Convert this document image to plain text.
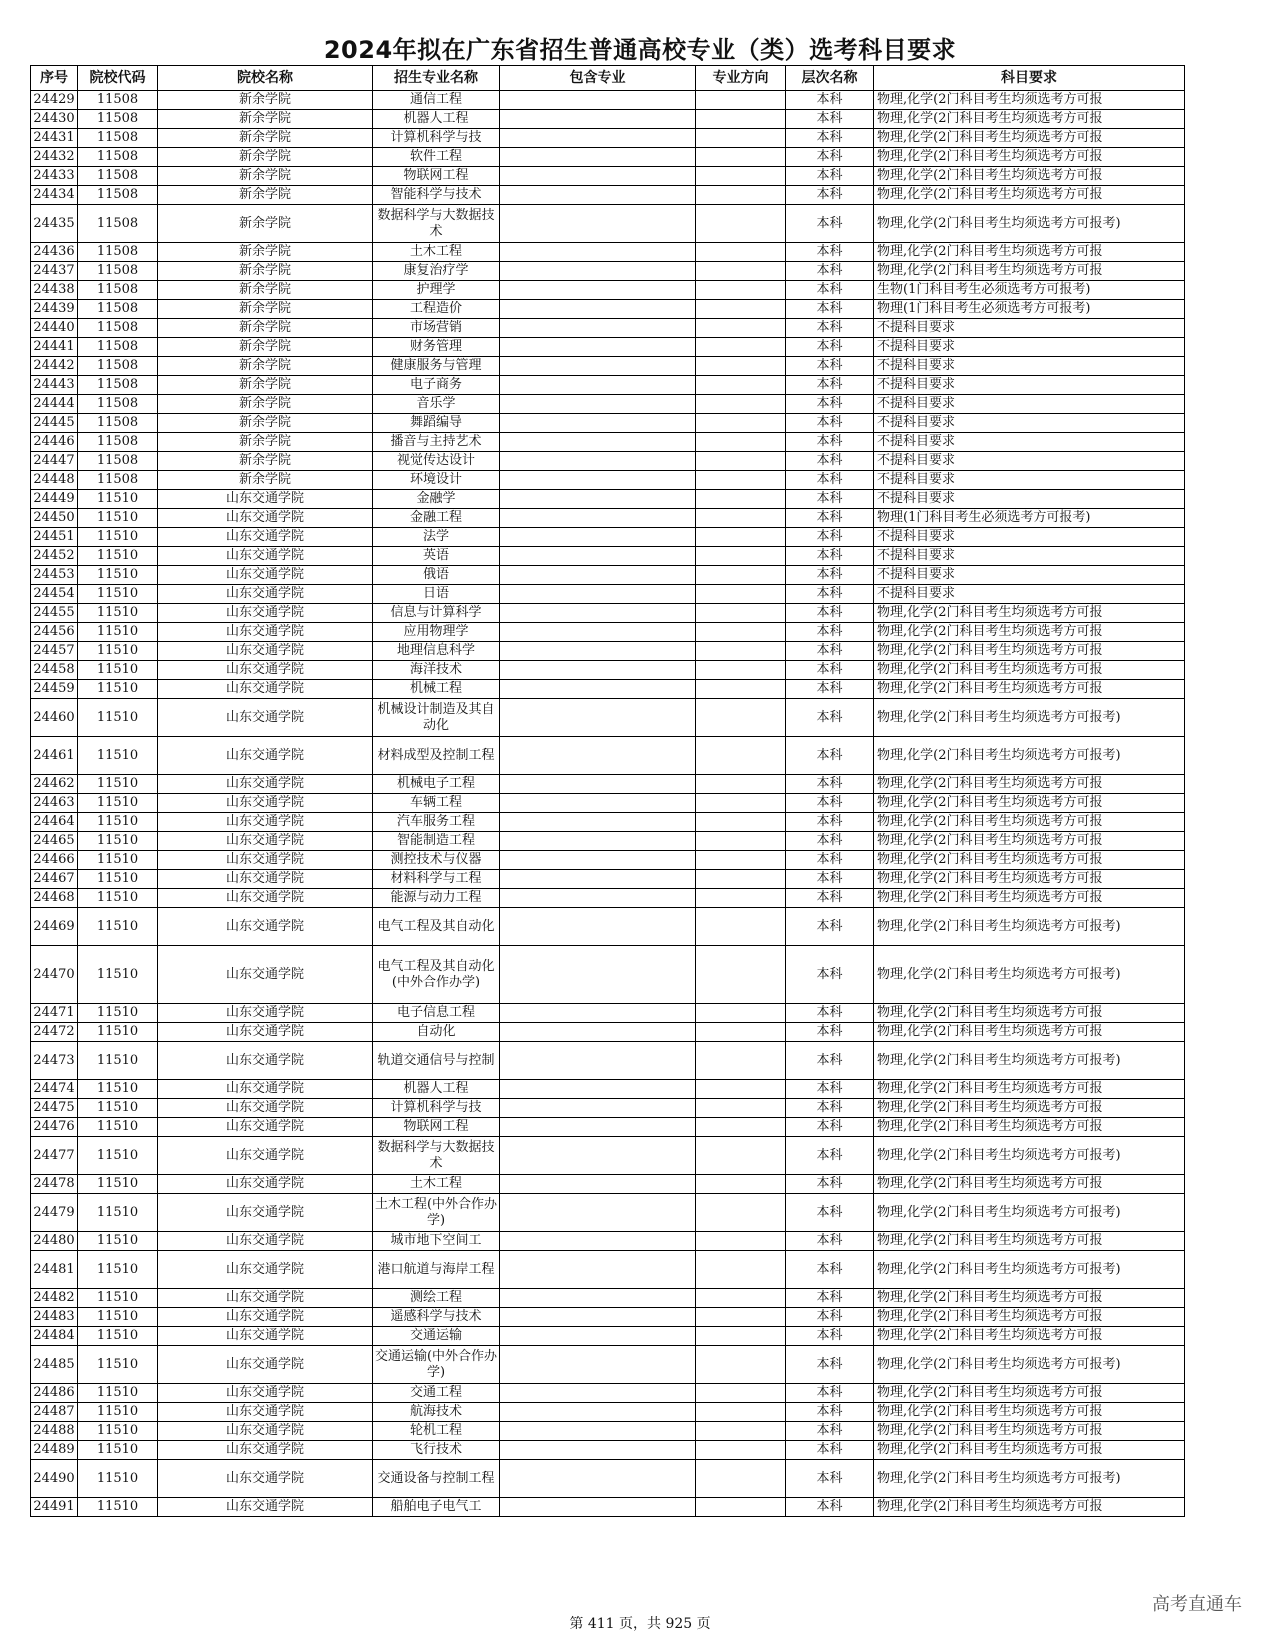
2024年拟在广东省招生普通高校专业（类）选考科目要求
序号	院校代码	院校名称	招生专业名称	包含专业	专业方向	层次名称	科目要求
24429	11508	新余学院	通信工程			本科	物理,化学(2门科目考生均须选考方可报
24430	11508	新余学院	机器人工程			本科	物理,化学(2门科目考生均须选考方可报
24431	11508	新余学院	计算机科学与技			本科	物理,化学(2门科目考生均须选考方可报
24432	11508	新余学院	软件工程			本科	物理,化学(2门科目考生均须选考方可报
24433	11508	新余学院	物联网工程			本科	物理,化学(2门科目考生均须选考方可报
24434	11508	新余学院	智能科学与技术			本科	物理,化学(2门科目考生均须选考方可报
24435	11508	新余学院	数据科学与大数据技术			本科	物理,化学(2门科目考生均须选考方可报考)
24436	11508	新余学院	土木工程			本科	物理,化学(2门科目考生均须选考方可报
24437	11508	新余学院	康复治疗学			本科	物理,化学(2门科目考生均须选考方可报
24438	11508	新余学院	护理学			本科	生物(1门科目考生必须选考方可报考)
24439	11508	新余学院	工程造价			本科	物理(1门科目考生必须选考方可报考)
24440	11508	新余学院	市场营销			本科	不提科目要求
24441	11508	新余学院	财务管理			本科	不提科目要求
24442	11508	新余学院	健康服务与管理			本科	不提科目要求
24443	11508	新余学院	电子商务			本科	不提科目要求
24444	11508	新余学院	音乐学			本科	不提科目要求
24445	11508	新余学院	舞蹈编导			本科	不提科目要求
24446	11508	新余学院	播音与主持艺术			本科	不提科目要求
24447	11508	新余学院	视觉传达设计			本科	不提科目要求
24448	11508	新余学院	环境设计			本科	不提科目要求
24449	11510	山东交通学院	金融学			本科	不提科目要求
24450	11510	山东交通学院	金融工程			本科	物理(1门科目考生必须选考方可报考)
24451	11510	山东交通学院	法学			本科	不提科目要求
24452	11510	山东交通学院	英语			本科	不提科目要求
24453	11510	山东交通学院	俄语			本科	不提科目要求
24454	11510	山东交通学院	日语			本科	不提科目要求
24455	11510	山东交通学院	信息与计算科学			本科	物理,化学(2门科目考生均须选考方可报
24456	11510	山东交通学院	应用物理学			本科	物理,化学(2门科目考生均须选考方可报
24457	11510	山东交通学院	地理信息科学			本科	物理,化学(2门科目考生均须选考方可报
24458	11510	山东交通学院	海洋技术			本科	物理,化学(2门科目考生均须选考方可报
24459	11510	山东交通学院	机械工程			本科	物理,化学(2门科目考生均须选考方可报
24460	11510	山东交通学院	机械设计制造及其自动化			本科	物理,化学(2门科目考生均须选考方可报考)
24461	11510	山东交通学院	材料成型及控制工程			本科	物理,化学(2门科目考生均须选考方可报考)
24462	11510	山东交通学院	机械电子工程			本科	物理,化学(2门科目考生均须选考方可报
24463	11510	山东交通学院	车辆工程			本科	物理,化学(2门科目考生均须选考方可报
24464	11510	山东交通学院	汽车服务工程			本科	物理,化学(2门科目考生均须选考方可报
24465	11510	山东交通学院	智能制造工程			本科	物理,化学(2门科目考生均须选考方可报
24466	11510	山东交通学院	测控技术与仪器			本科	物理,化学(2门科目考生均须选考方可报
24467	11510	山东交通学院	材料科学与工程			本科	物理,化学(2门科目考生均须选考方可报
24468	11510	山东交通学院	能源与动力工程			本科	物理,化学(2门科目考生均须选考方可报
24469	11510	山东交通学院	电气工程及其自动化			本科	物理,化学(2门科目考生均须选考方可报考)
24470	11510	山东交通学院	电气工程及其自动化(中外合作办学)			本科	物理,化学(2门科目考生均须选考方可报考)
24471	11510	山东交通学院	电子信息工程			本科	物理,化学(2门科目考生均须选考方可报
24472	11510	山东交通学院	自动化			本科	物理,化学(2门科目考生均须选考方可报
24473	11510	山东交通学院	轨道交通信号与控制			本科	物理,化学(2门科目考生均须选考方可报考)
24474	11510	山东交通学院	机器人工程			本科	物理,化学(2门科目考生均须选考方可报
24475	11510	山东交通学院	计算机科学与技			本科	物理,化学(2门科目考生均须选考方可报
24476	11510	山东交通学院	物联网工程			本科	物理,化学(2门科目考生均须选考方可报
24477	11510	山东交通学院	数据科学与大数据技术			本科	物理,化学(2门科目考生均须选考方可报考)
24478	11510	山东交通学院	土木工程			本科	物理,化学(2门科目考生均须选考方可报
24479	11510	山东交通学院	土木工程(中外合作办学)			本科	物理,化学(2门科目考生均须选考方可报考)
24480	11510	山东交通学院	城市地下空间工			本科	物理,化学(2门科目考生均须选考方可报
24481	11510	山东交通学院	港口航道与海岸工程			本科	物理,化学(2门科目考生均须选考方可报考)
24482	11510	山东交通学院	测绘工程			本科	物理,化学(2门科目考生均须选考方可报
24483	11510	山东交通学院	遥感科学与技术			本科	物理,化学(2门科目考生均须选考方可报
24484	11510	山东交通学院	交通运输			本科	物理,化学(2门科目考生均须选考方可报
24485	11510	山东交通学院	交通运输(中外合作办学)			本科	物理,化学(2门科目考生均须选考方可报考)
24486	11510	山东交通学院	交通工程			本科	物理,化学(2门科目考生均须选考方可报
24487	11510	山东交通学院	航海技术			本科	物理,化学(2门科目考生均须选考方可报
24488	11510	山东交通学院	轮机工程			本科	物理,化学(2门科目考生均须选考方可报
24489	11510	山东交通学院	飞行技术			本科	物理,化学(2门科目考生均须选考方可报
24490	11510	山东交通学院	交通设备与控制工程			本科	物理,化学(2门科目考生均须选考方可报考)
24491	11510	山东交通学院	船舶电子电气工			本科	物理,化学(2门科目考生均须选考方可报
第 411 页，共 925 页
高考直通车
